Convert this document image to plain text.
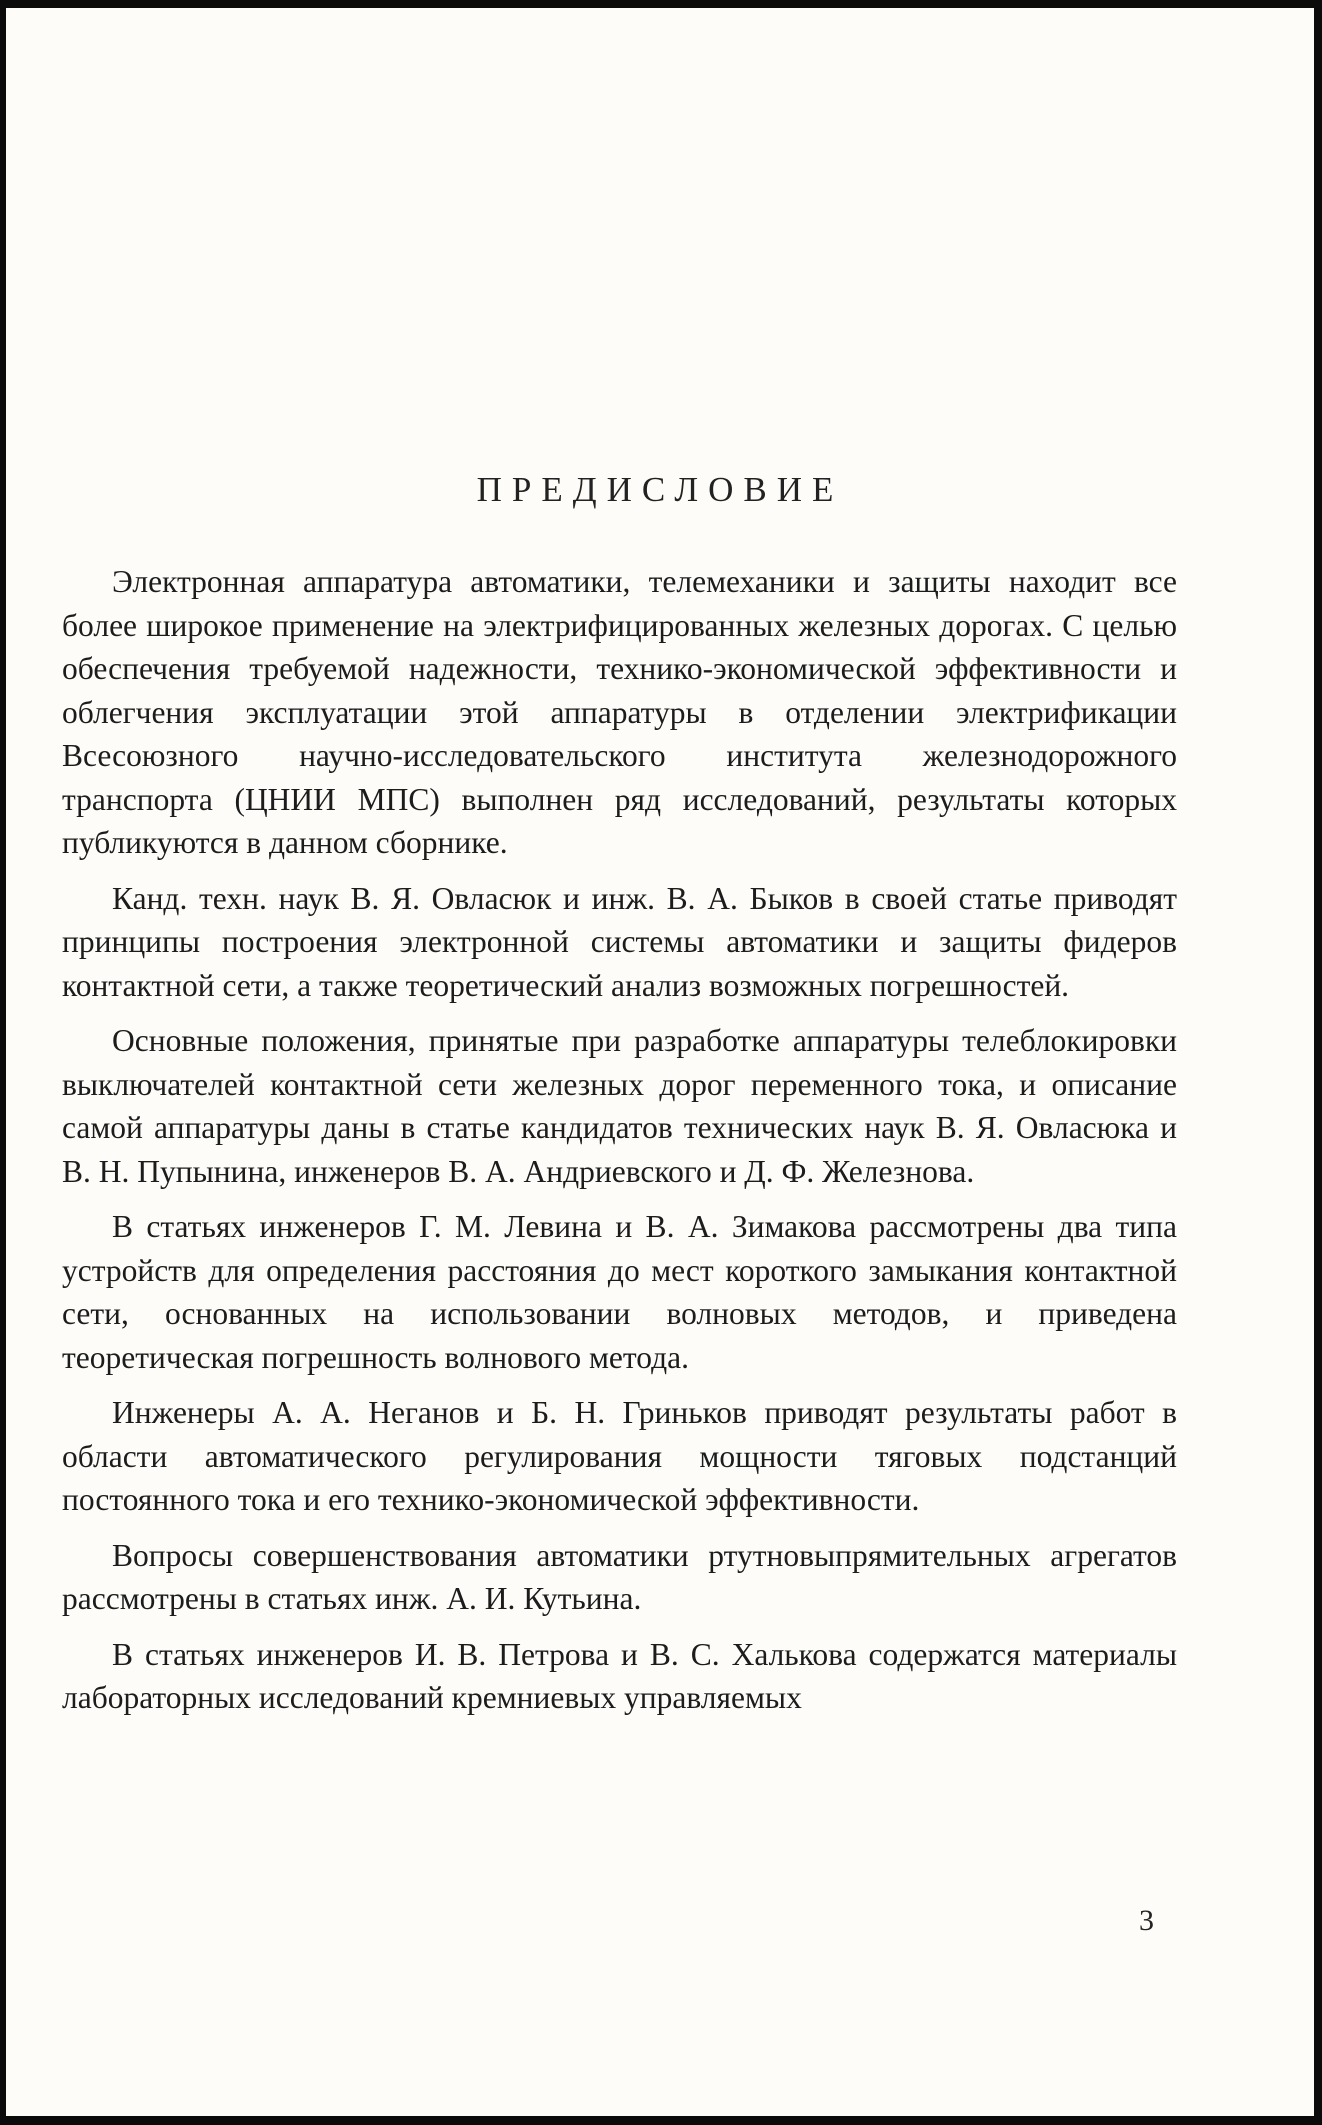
ПРЕДИСЛОВИЕ

Электронная аппаратура автоматики, телемеханики и защиты находит все более широкое применение на электрифицированных железных дорогах. С целью обеспечения требуемой надежности, технико-экономической эффективности и облегчения эксплуатации этой аппаратуры в отделении электрификации Всесоюзного научно-исследовательского института железнодорожного транспорта (ЦНИИ МПС) выполнен ряд исследований, результаты которых публикуются в данном сборнике.

Канд. техн. наук В. Я. Овласюк и инж. В. А. Быков в своей статье приводят принципы построения электронной системы автоматики и защиты фидеров контактной сети, а также теоретический анализ возможных погрешностей.

Основные положения, принятые при разработке аппаратуры телеблокировки выключателей контактной сети железных дорог переменного тока, и описание самой аппаратуры даны в статье кандидатов технических наук В. Я. Овласюка и В. Н. Пупынина, инженеров В. А. Андриевского и Д. Ф. Железнова.

В статьях инженеров Г. М. Левина и В. А. Зимакова рассмотрены два типа устройств для определения расстояния до мест короткого замыкания контактной сети, основанных на использовании волновых методов, и приведена теоретическая погрешность волнового метода.

Инженеры А. А. Неганов и Б. Н. Гриньков приводят результаты работ в области автоматического регулирования мощности тяговых подстанций постоянного тока и его технико-экономической эффективности.

Вопросы совершенствования автоматики ртутновыпрямительных агрегатов рассмотрены в статьях инж. А. И. Кутьина.

В статьях инженеров И. В. Петрова и В. С. Халькова содержатся материалы лабораторных исследований кремниевых управляемых

3
